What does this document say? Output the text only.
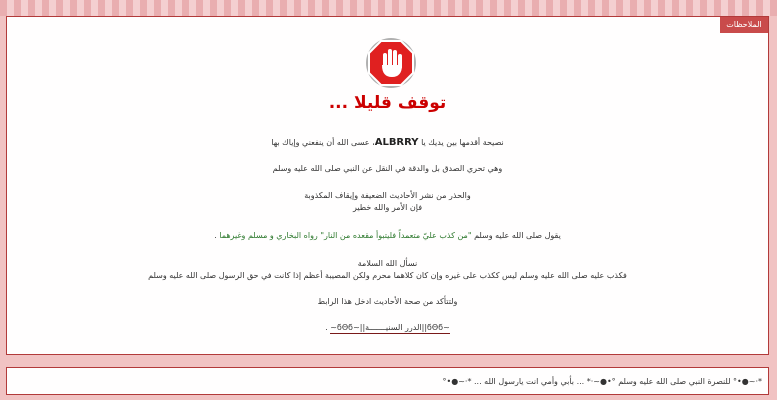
الملاحظات
توقف قليلا ...
نصيحة أقدمها بين يديك يا ALBRRY، عسى الله أن ينفعني وإياك بها
وهي تحري الصدق بل والدقة في النقل عن النبي صلى الله عليه وسلم
والحذر من نشر الأحاديث الضعيفة وإيقاف المكذوبة
فإن الأمر والله خطير
يقول صلى الله عليه وسلم "من كذب عليّ متعمداً فليتبوأ مقعده من النار" رواه البخاري و مسلم وغيرهما .
نسأل الله السلامة
فكذب عليه صلى الله عليه وسلم ليس ككذب على غيره وإن كان كلاهما محرم ولكن المصيبة أعظم إذا كانت في حق الرسول صلى الله عليه وسلم
ولتتأكد من صحة الأحاديث ادخل هذا الرابط
~ϭΘϭ||الدرر السنيـــــــة||~ϭΘϭ~ .
*·~●•° للنصرة النبي صلى الله عليه وسلم °•●~·* ... بأبي وأمي انت يارسول الله ... *·~●•°
